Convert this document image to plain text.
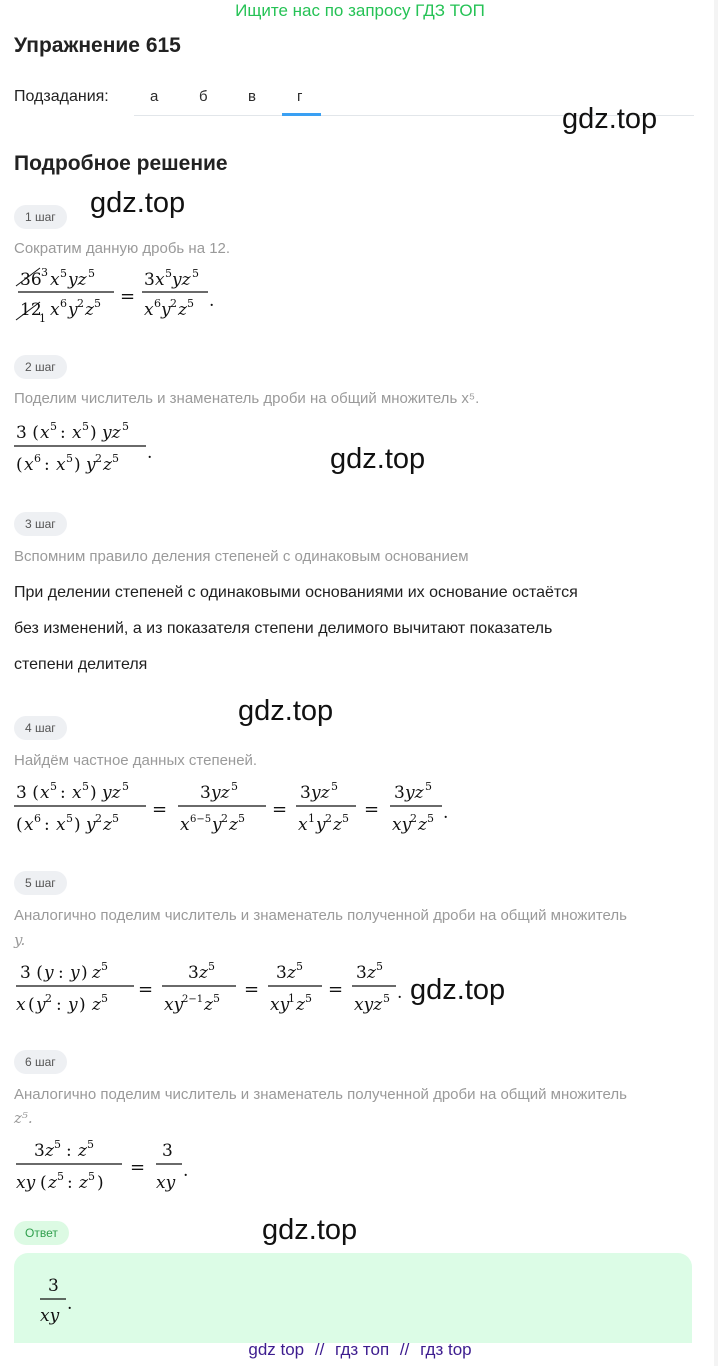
Ищите нас по запросу ГДЗ ТОП
Упражнение 615
Подзадания:	а	б	в	г
gdz.top
Подробное решение
gdz.top
1 шаг
Сократим данную дробь на 12.
36 3 x 5 yz 5
12
1 x 6 y 2 z 5 =
3 x 5 yz 5
x 6 y 2 z 5 .
2 шаг
Поделим числитель и знаменатель дроби на общий множитель x⁵.
3 ( x 5 : x 5 ) yz 5
( x 6 : x 5 ) y 2 z 5 .	gdz.top
3 шаг
Вспомним правило деления степеней с одинаковым основанием
При делении степеней с одинаковыми основаниями их основание остаётся
без изменений, а из показателя степени делимого вычитают показатель
степени делителя
gdz.top
4 шаг
Найдём частное данных степеней.
3 ( x 5 : x 5 ) yz 5
( x 6 : x 5 ) y 2 z 5 =
3 yz 5
x 6−5 y 2 z 5 =
3 yz 5
x 1 y 2 z 5 =
3 yz 5
xy
2 z 5 .
5 шаг
Аналогично поделим числитель и знаменатель полученной дроби на общий множитель
y.
3 ( y : y ) z 5
x ( y 2 : y ) z 5 =
3 z 5
xy
2−1 z 5 =
3 z 5
xy
1 z 5 =
3 z 5
xyz 5 . gdz.top
6 шаг
Аналогично поделим числитель и знаменатель полученной дроби на общий множитель
z⁵.
3 z 5 : z 5
xy ( z 5 : z 5 )
=
3
xy
.
gdz.top
Ответ
3
xy
.
gdz top // гдз топ // гдз top
